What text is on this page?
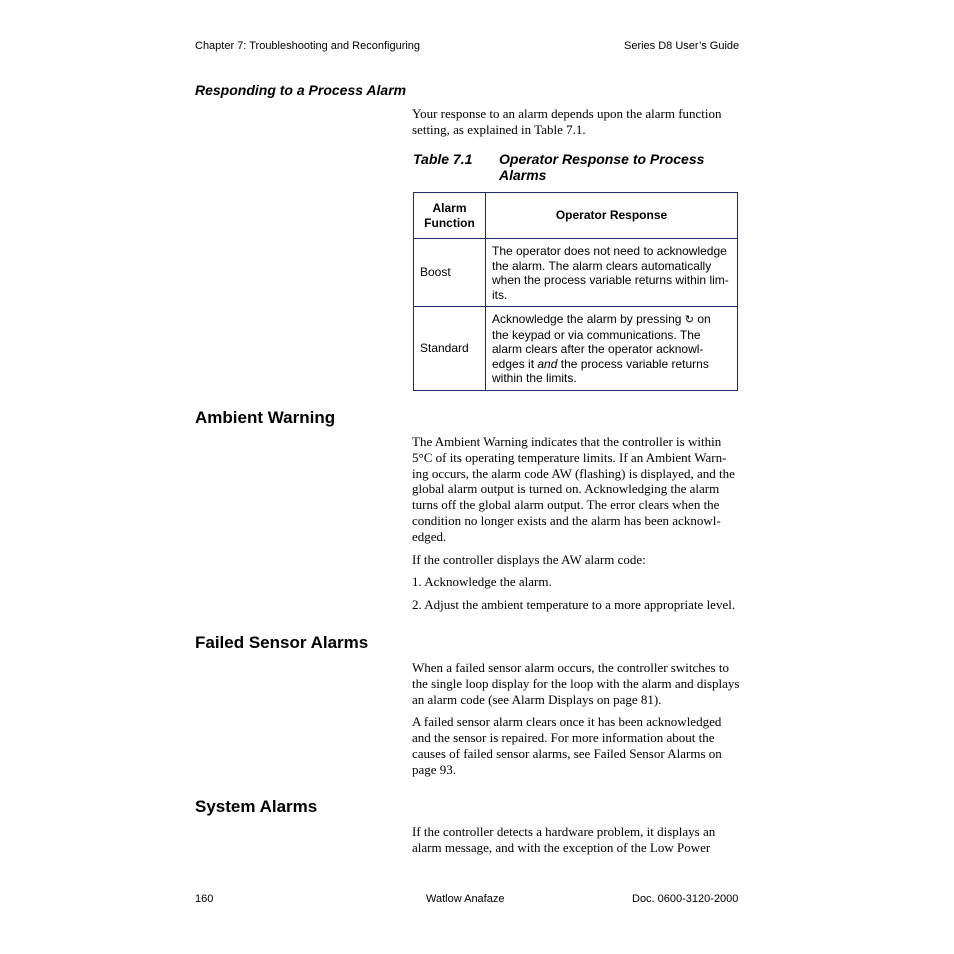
Chapter 7: Troubleshooting and Reconfiguring	Series D8 User’s Guide
Responding to a Process Alarm
Your response to an alarm depends upon the alarm function
setting, as explained in Table 7.1.
Table 7.1 Operator Response to Process
Alarms
Alarm
Function	Operator Response
Boost	The operator does not need to acknowledge
the alarm. The alarm clears automatically
when the process variable returns within lim-
its.

Standard	Acknowledge the alarm by pressing ↻ on
the keypad or via communications. The
alarm clears after the operator acknowl-
edges it and the process variable returns
within the limits.
Ambient Warning

The Ambient Warning indicates that the controller is within
5°C of its operating temperature limits. If an Ambient Warn-
ing occurs, the alarm code AW (flashing) is displayed, and the
global alarm output is turned on. Acknowledging the alarm
turns off the global alarm output. The error clears when the
condition no longer exists and the alarm has been acknowl-
edged.

If the controller displays the AW alarm code:

1. Acknowledge the alarm.

2. Adjust the ambient temperature to a more appropriate level.

Failed Sensor Alarms

When a failed sensor alarm occurs, the controller switches to
the single loop display for the loop with the alarm and displays
an alarm code (see Alarm Displays on page 81).

A failed sensor alarm clears once it has been acknowledged
and the sensor is repaired. For more information about the
causes of failed sensor alarms, see Failed Sensor Alarms on
page 93.

System Alarms

If the controller detects a hardware problem, it displays an
alarm message, and with the exception of the Low Power

160	Watlow Anafaze	Doc. 0600-3120-2000
